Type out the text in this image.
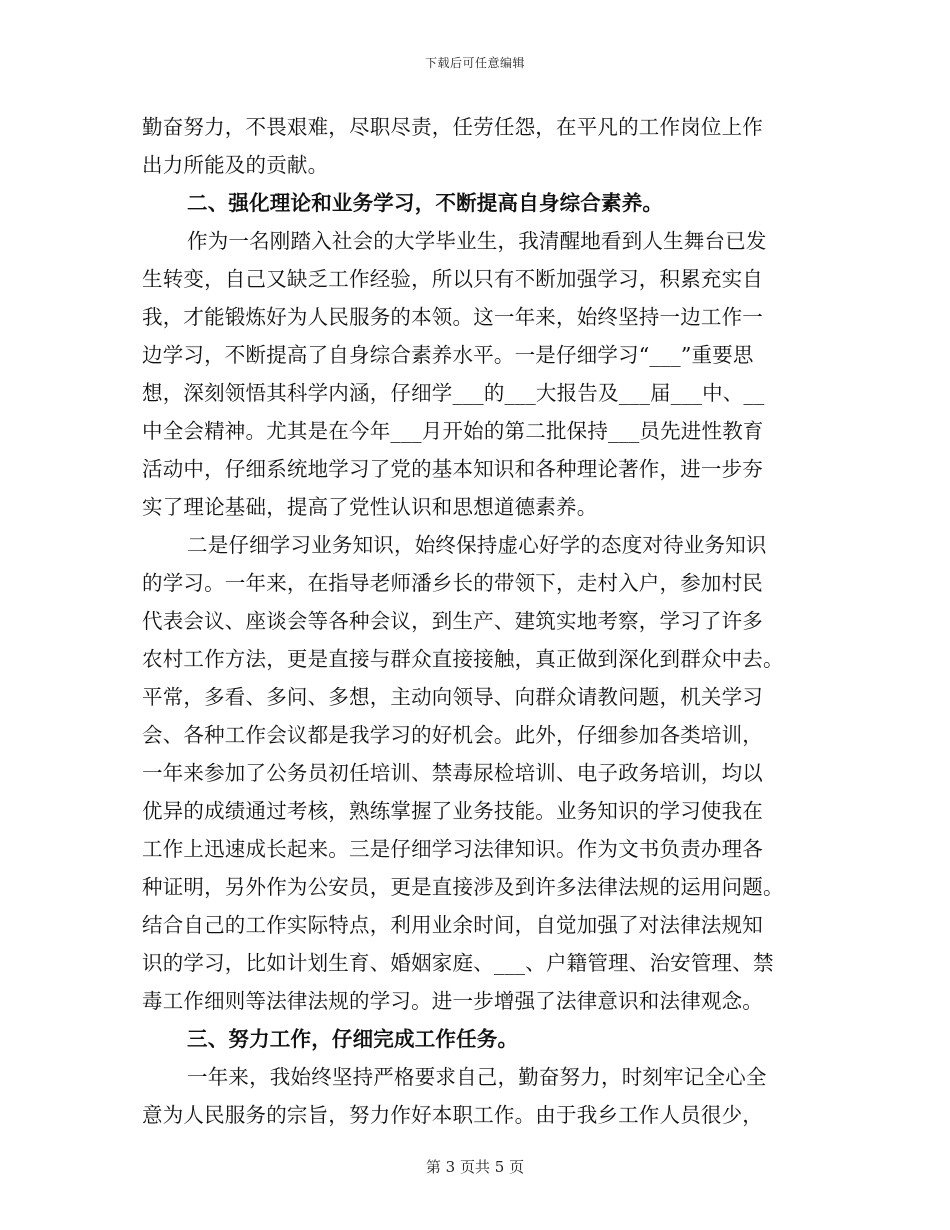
下载后可任意编辑
勤奋努力，不畏艰难，尽职尽责，任劳任怨，在平凡的工作岗位上作
出力所能及的贡献。
二、强化理论和业务学习，不断提高自身综合素养。
作为一名刚踏入社会的大学毕业生，我清醒地看到人生舞台已发
生转变，自己又缺乏工作经验，所以只有不断加强学习，积累充实自
我，才能锻炼好为人民服务的本领。这一年来，始终坚持一边工作一
边学习，不断提高了自身综合素养水平。一是仔细学习“___”重要思
想，深刻领悟其科学内涵，仔细学___的___大报告及___届___中、__
中全会精神。尤其是在今年___月开始的第二批保持___员先进性教育
活动中，仔细系统地学习了党的基本知识和各种理论著作，进一步夯
实了理论基础，提高了党性认识和思想道德素养。
二是仔细学习业务知识，始终保持虚心好学的态度对待业务知识
的学习。一年来，在指导老师潘乡长的带领下，走村入户，参加村民
代表会议、座谈会等各种会议，到生产、建筑实地考察，学习了许多
农村工作方法，更是直接与群众直接接触，真正做到深化到群众中去。
平常，多看、多问、多想，主动向领导、向群众请教问题，机关学习
会、各种工作会议都是我学习的好机会。此外，仔细参加各类培训，
一年来参加了公务员初任培训、禁毒尿检培训、电子政务培训，均以
优异的成绩通过考核，熟练掌握了业务技能。业务知识的学习使我在
工作上迅速成长起来。三是仔细学习法律知识。作为文书负责办理各
种证明，另外作为公安员，更是直接涉及到许多法律法规的运用问题。
结合自己的工作实际特点，利用业余时间，自觉加强了对法律法规知
识的学习，比如计划生育、婚姻家庭、___、户籍管理、治安管理、禁
毒工作细则等法律法规的学习。进一步增强了法律意识和法律观念。
三、努力工作，仔细完成工作任务。
一年来，我始终坚持严格要求自己，勤奋努力，时刻牢记全心全
意为人民服务的宗旨，努力作好本职工作。由于我乡工作人员很少，
第 3 页共 5 页
